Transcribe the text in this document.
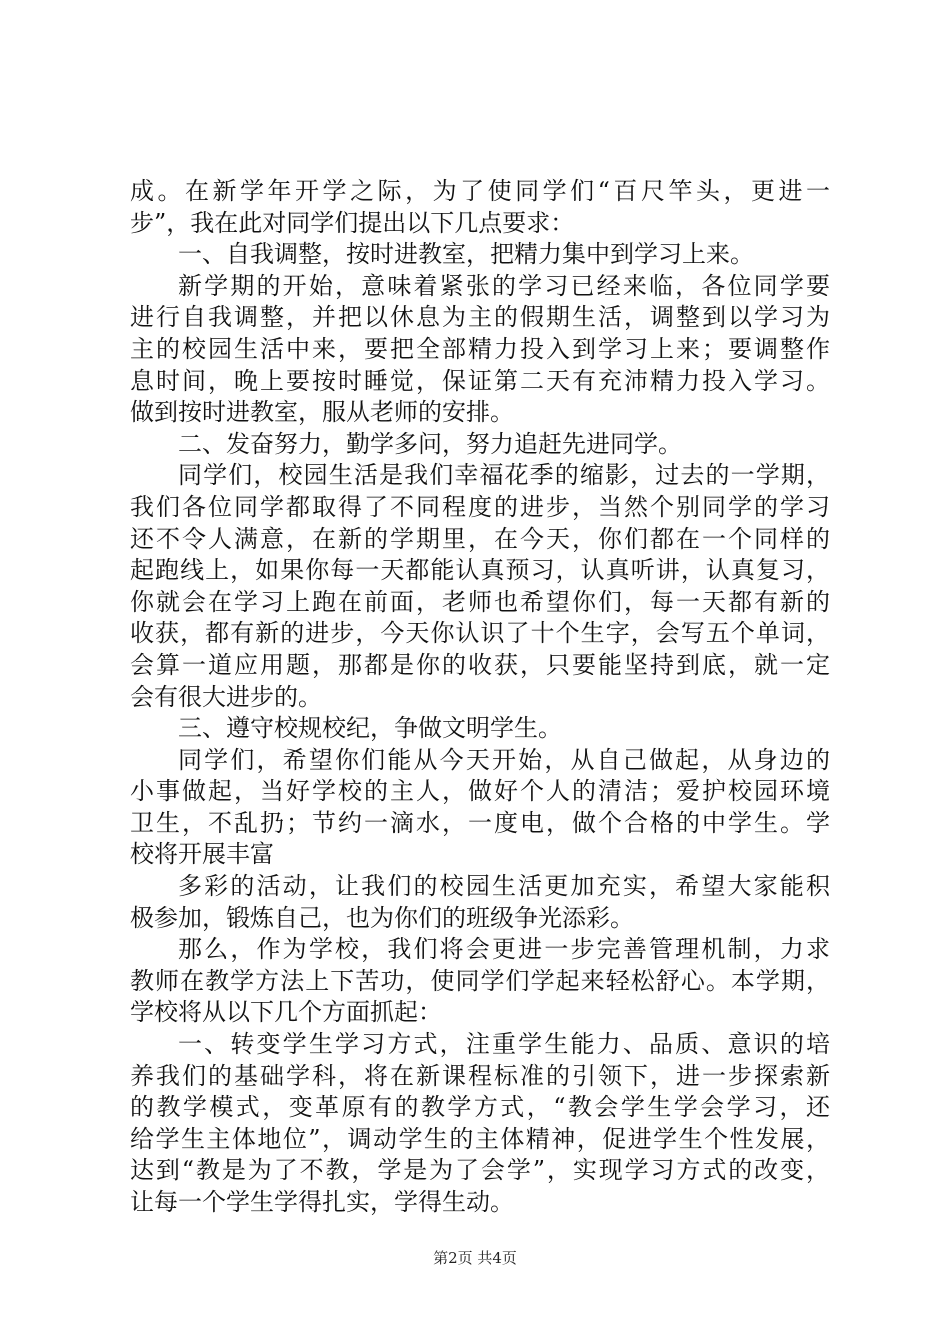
成。在新学年开学之际，为了使同学们“百尺竿头，更进一
步”，我在此对同学们提出以下几点要求：
一、自我调整，按时进教室，把精力集中到学习上来。
新学期的开始，意味着紧张的学习已经来临，各位同学要
进行自我调整，并把以休息为主的假期生活，调整到以学习为
主的校园生活中来，要把全部精力投入到学习上来；要调整作
息时间，晚上要按时睡觉，保证第二天有充沛精力投入学习。
做到按时进教室，服从老师的安排。
二、发奋努力，勤学多问，努力追赶先进同学。
同学们，校园生活是我们幸福花季的缩影，过去的一学期，
我们各位同学都取得了不同程度的进步，当然个别同学的学习
还不令人满意，在新的学期里，在今天，你们都在一个同样的
起跑线上，如果你每一天都能认真预习，认真听讲，认真复习，
你就会在学习上跑在前面，老师也希望你们，每一天都有新的
收获，都有新的进步，今天你认识了十个生字，会写五个单词，
会算一道应用题，那都是你的收获，只要能坚持到底，就一定
会有很大进步的。
三、遵守校规校纪，争做文明学生。
同学们，希望你们能从今天开始，从自己做起，从身边的
小事做起，当好学校的主人，做好个人的清洁；爱护校园环境
卫生，不乱扔；节约一滴水，一度电，做个合格的中学生。学
校将开展丰富
多彩的活动，让我们的校园生活更加充实，希望大家能积
极参加，锻炼自己，也为你们的班级争光添彩。
那么，作为学校，我们将会更进一步完善管理机制，力求
教师在教学方法上下苦功，使同学们学起来轻松舒心。本学期，
学校将从以下几个方面抓起：
一、转变学生学习方式，注重学生能力、品质、意识的培
养我们的基础学科，将在新课程标准的引领下，进一步探索新
的教学模式，变革原有的教学方式，“教会学生学会学习，还
给学生主体地位”，调动学生的主体精神，促进学生个性发展，
达到“教是为了不教，学是为了会学”，实现学习方式的改变，
让每一个学生学得扎实，学得生动。
第2页 共4页
